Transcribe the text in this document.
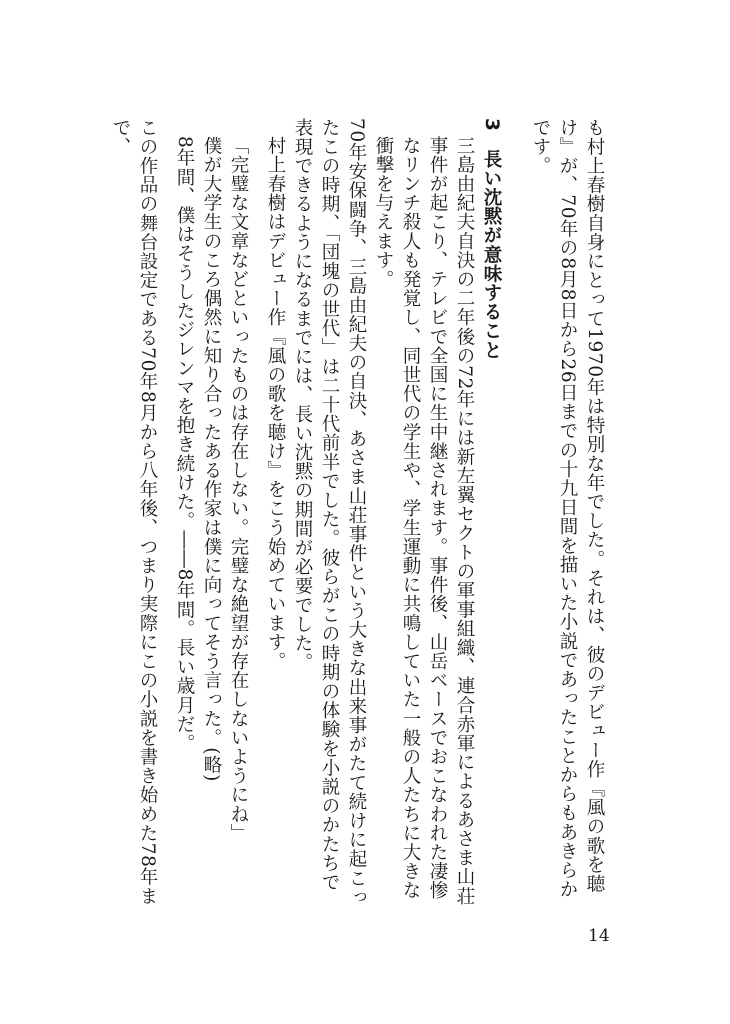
も村上春樹自身にとって1970年は特別な年でした。それは、彼のデビュー作『風の歌を聴け』が、70年の8月8日から26日までの十九日間を描いた小説であったことからもあきらかです。

3長い沈黙が意味すること

三島由紀夫自決の二年後の72年には新左翼セクトの軍事組織、連合赤軍によるあさま山荘事件が起こり、テレビで全国に生中継されます。事件後、山岳ベースでおこなわれた凄惨なリンチ殺人も発覚し、同世代の学生や、学生運動に共鳴していた一般の人たちに大きな衝撃を与えます。

70年安保闘争、三島由紀夫の自決、あさま山荘事件という大きな出来事がたて続けに起こったこの時期、「団塊の世代」は二十代前半でした。彼らがこの時期の体験を小説のかたちで表現できるようになるまでには、長い沈黙の期間が必要でした。

村上春樹はデビュー作『風の歌を聴け』をこう始めています。

「完璧な文章などといったものは存在しない。完璧な絶望が存在しないようにね」

僕が大学生のころ偶然に知り合ったある作家は僕に向ってそう言った。(略)

8年間、僕はそうしたジレンマを抱き続けた。――8年間。長い歳月だ。

この作品の舞台設定である70年8月から八年後、つまり実際にこの小説を書き始めた78年まで、

14
